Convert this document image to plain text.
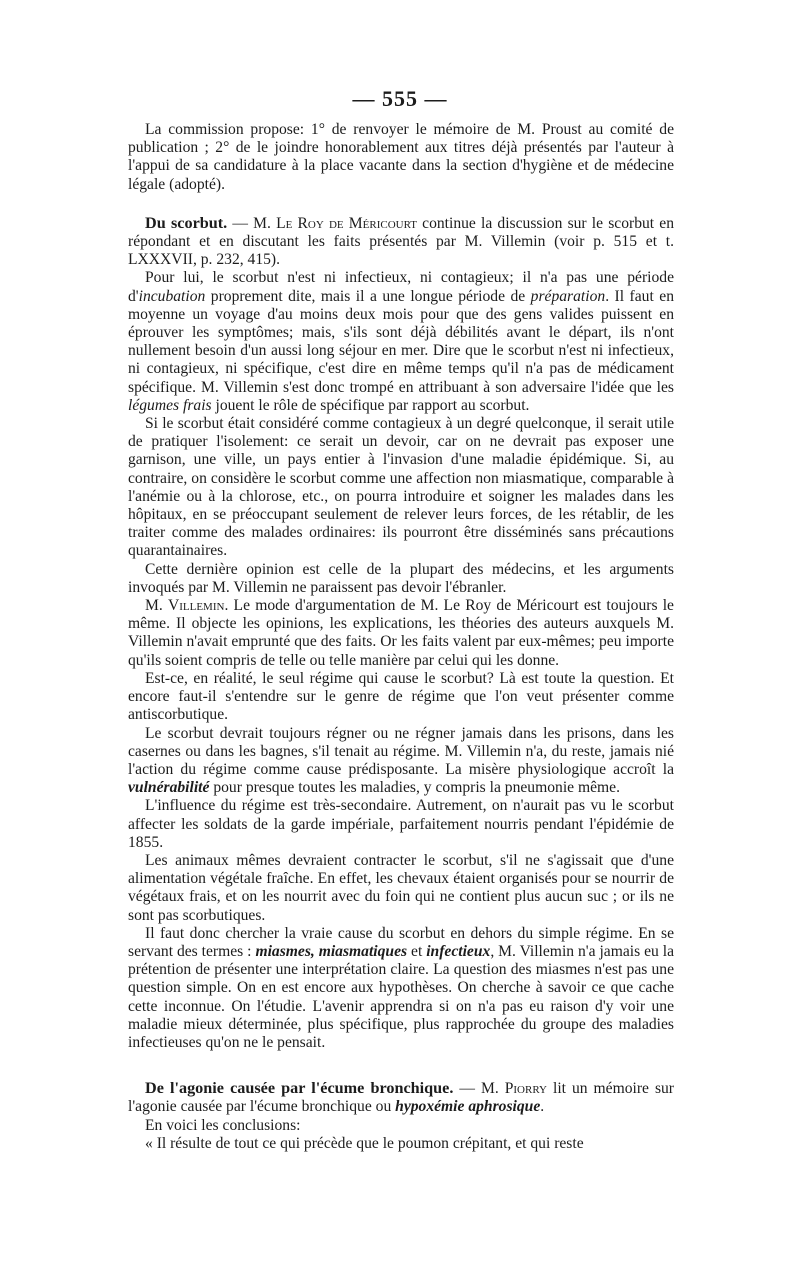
— 555 —

La commission propose: 1° de renvoyer le mémoire de M. Proust au comité de publication ; 2° de le joindre honorablement aux titres déjà présentés par l'auteur à l'appui de sa candidature à la place vacante dans la section d'hygiène et de médecine légale (adopté).

Du scorbut. — M. Le Roy de Méricourt continue la discussion sur le scorbut en répondant et en discutant les faits présentés par M. Villemin (voir p. 515 et t. LXXXVII, p. 232, 415).

Pour lui, le scorbut n'est ni infectieux, ni contagieux; il n'a pas une période d'incubation proprement dite, mais il a une longue période de préparation. Il faut en moyenne un voyage d'au moins deux mois pour que des gens valides puissent en éprouver les symptômes; mais, s'ils sont déjà débilités avant le départ, ils n'ont nullement besoin d'un aussi long séjour en mer. Dire que le scorbut n'est ni infectieux, ni contagieux, ni spécifique, c'est dire en même temps qu'il n'a pas de médicament spécifique. M. Villemin s'est donc trompé en attribuant à son adversaire l'idée que les légumes frais jouent le rôle de spécifique par rapport au scorbut.

Si le scorbut était considéré comme contagieux à un degré quelconque, il serait utile de pratiquer l'isolement: ce serait un devoir, car on ne devrait pas exposer une garnison, une ville, un pays entier à l'invasion d'une maladie épidémique. Si, au contraire, on considère le scorbut comme une affection non miasmatique, comparable à l'anémie ou à la chlorose, etc., on pourra introduire et soigner les malades dans les hôpitaux, en se préoccupant seulement de relever leurs forces, de les rétablir, de les traiter comme des malades ordinaires: ils pourront être disséminés sans précautions quarantainaires.

Cette dernière opinion est celle de la plupart des médecins, et les arguments invoqués par M. Villemin ne paraissent pas devoir l'ébranler.

M. Villemin. Le mode d'argumentation de M. Le Roy de Méricourt est toujours le même. Il objecte les opinions, les explications, les théories des auteurs auxquels M. Villemin n'avait emprunté que des faits. Or les faits valent par eux-mêmes; peu importe qu'ils soient compris de telle ou telle manière par celui qui les donne.

Est-ce, en réalité, le seul régime qui cause le scorbut? Là est toute la question. Et encore faut-il s'entendre sur le genre de régime que l'on veut présenter comme antiscorbutique.

Le scorbut devrait toujours régner ou ne régner jamais dans les prisons, dans les casernes ou dans les bagnes, s'il tenait au régime. M. Villemin n'a, du reste, jamais nié l'action du régime comme cause prédisposante. La misère physiologique accroît la vulnérabilité pour presque toutes les maladies, y compris la pneumonie même.

L'influence du régime est très-secondaire. Autrement, on n'aurait pas vu le scorbut affecter les soldats de la garde impériale, parfaitement nourris pendant l'épidémie de 1855.

Les animaux mêmes devraient contracter le scorbut, s'il ne s'agissait que d'une alimentation végétale fraîche. En effet, les chevaux étaient organisés pour se nourrir de végétaux frais, et on les nourrit avec du foin qui ne contient plus aucun suc ; or ils ne sont pas scorbutiques.

Il faut donc chercher la vraie cause du scorbut en dehors du simple régime. En se servant des termes : miasmes, miasmatiques et infectieux, M. Villemin n'a jamais eu la prétention de présenter une interprétation claire. La question des miasmes n'est pas une question simple. On en est encore aux hypothèses. On cherche à savoir ce que cache cette inconnue. On l'étudie. L'avenir apprendra si on n'a pas eu raison d'y voir une maladie mieux déterminée, plus spécifique, plus rapprochée du groupe des maladies infectieuses qu'on ne le pensait.

De l'agonie causée par l'écume bronchique. — M. Piorry lit un mémoire sur l'agonie causée par l'écume bronchique ou hypoxémie aphrosique.

En voici les conclusions:

« Il résulte de tout ce qui précède que le poumon crépitant, et qui reste
